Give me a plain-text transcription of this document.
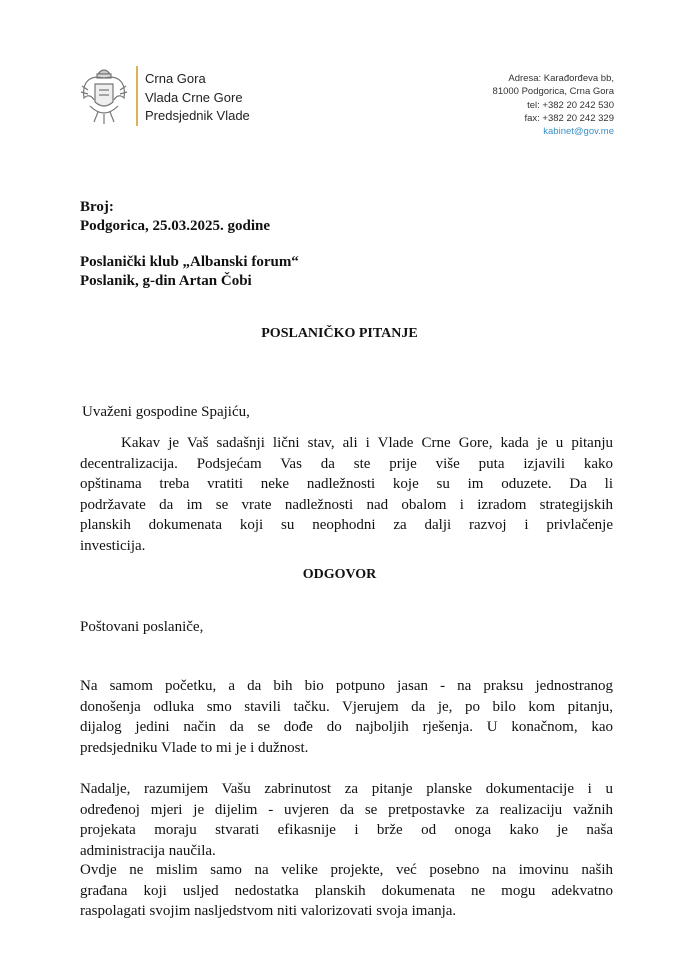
Crna Gora
Vlada Crne Gore
Predsjednik Vlade
Adresa: Karađorđeva bb,
81000 Podgorica, Crna Gora
tel: +382 20 242 530
fax: +382 20 242 329
kabinet@gov.me
Broj:
Podgorica, 25.03.2025. godine
Poslanički klub „Albanski forum“
Poslanik, g-din Artan Čobi
POSLANIČKO PITANJE
Uvaženi gospodine Spajiću,
Kakav je Vaš sadašnji lični stav, ali i Vlade Crne Gore, kada je u pitanju
decentralizacija. Podsjećam Vas da ste prije više puta izjavili kako
opštinama treba vratiti neke nadležnosti koje su im oduzete. Da li
podržavate da im se vrate nadležnosti nad obalom i izradom strategijskih
planskih dokumenata koji su neophodni za dalji razvoj i privlačenje
investicija.
ODGOVOR
Poštovani poslaniče,
Na samom početku, a da bih bio potpuno jasan - na praksu jednostranog
donošenja odluka smo stavili tačku. Vjerujem da je, po bilo kom pitanju,
dijalog jedini način da se dođe do najboljih rješenja. U konačnom, kao
predsjedniku Vlade to mi je i dužnost.
Nadalje, razumijem Vašu zabrinutost za pitanje planske dokumentacije i u
određenoj mjeri je dijelim - uvjeren da se pretpostavke za realizaciju važnih
projekata moraju stvarati efikasnije i brže od onoga kako je naša
administracija naučila.
Ovdje ne mislim samo na velike projekte, već posebno na imovinu naših
građana koji usljed nedostatka planskih dokumenata ne mogu adekvatno
raspolagati svojim nasljedstvom niti valorizovati svoja imanja.
